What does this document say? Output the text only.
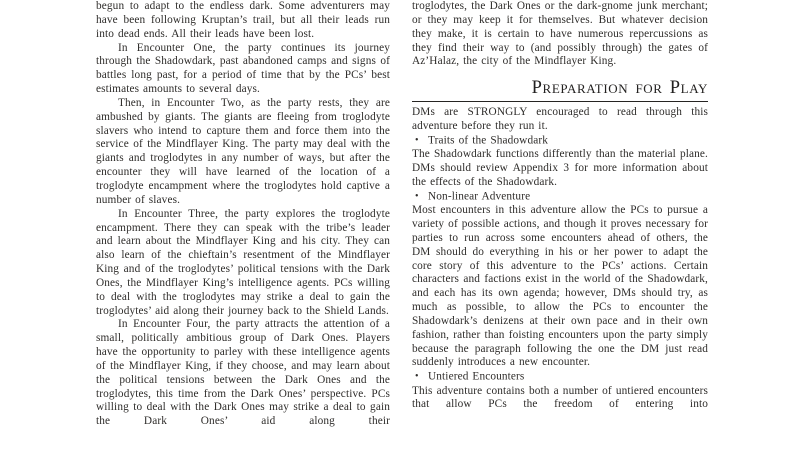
begun to adapt to the endless dark. Some adventurers may have been following Kruptan’s trail, but all their leads run into dead ends. All their leads have been lost.

In Encounter One, the party continues its journey through the Shadowdark, past abandoned camps and signs of battles long past, for a period of time that by the PCs’ best estimates amounts to several days.

Then, in Encounter Two, as the party rests, they are ambushed by giants. The giants are fleeing from troglodyte slavers who intend to capture them and force them into the service of the Mindflayer King. The party may deal with the giants and troglodytes in any number of ways, but after the encounter they will have learned of the location of a troglodyte encampment where the troglodytes hold captive a number of slaves.

In Encounter Three, the party explores the troglodyte encampment. There they can speak with the tribe’s leader and learn about the Mindflayer King and his city. They can also learn of the chieftain’s resentment of the Mindflayer King and of the troglodytes’ political tensions with the Dark Ones, the Mindflayer King’s intelligence agents. PCs willing to deal with the troglodytes may strike a deal to gain the troglodytes’ aid along their journey back to the Shield Lands.

In Encounter Four, the party attracts the attention of a small, politically ambitious group of Dark Ones. Players have the opportunity to parley with these intelligence agents of the Mindflayer King, if they choose, and may learn about the political tensions between the Dark Ones and the troglodytes, this time from the Dark Ones’ perspective. PCs willing to deal with the Dark Ones may strike a deal to gain the Dark Ones’ aid along their

troglodytes, the Dark Ones or the dark-gnome junk merchant; or they may keep it for themselves. But whatever decision they make, it is certain to have numerous repercussions as they find their way to (and possibly through) the gates of Az’Halaz, the city of the Mindflayer King.

Preparation for Play

DMs are STRONGLY encouraged to read through this adventure before they run it.

• Traits of the Shadowdark

The Shadowdark functions differently than the material plane. DMs should review Appendix 3 for more information about the effects of the Shadowdark.

• Non-linear Adventure

Most encounters in this adventure allow the PCs to pursue a variety of possible actions, and though it proves necessary for parties to run across some encounters ahead of others, the DM should do everything in his or her power to adapt the core story of this adventure to the PCs’ actions. Certain characters and factions exist in the world of the Shadowdark, and each has its own agenda; however, DMs should try, as much as possible, to allow the PCs to encounter the Shadowdark’s denizens at their own pace and in their own fashion, rather than foisting encounters upon the party simply because the paragraph following the one the DM just read suddenly introduces a new encounter.

• Untiered Encounters

This adventure contains both a number of untiered encounters that allow PCs the freedom of entering into
